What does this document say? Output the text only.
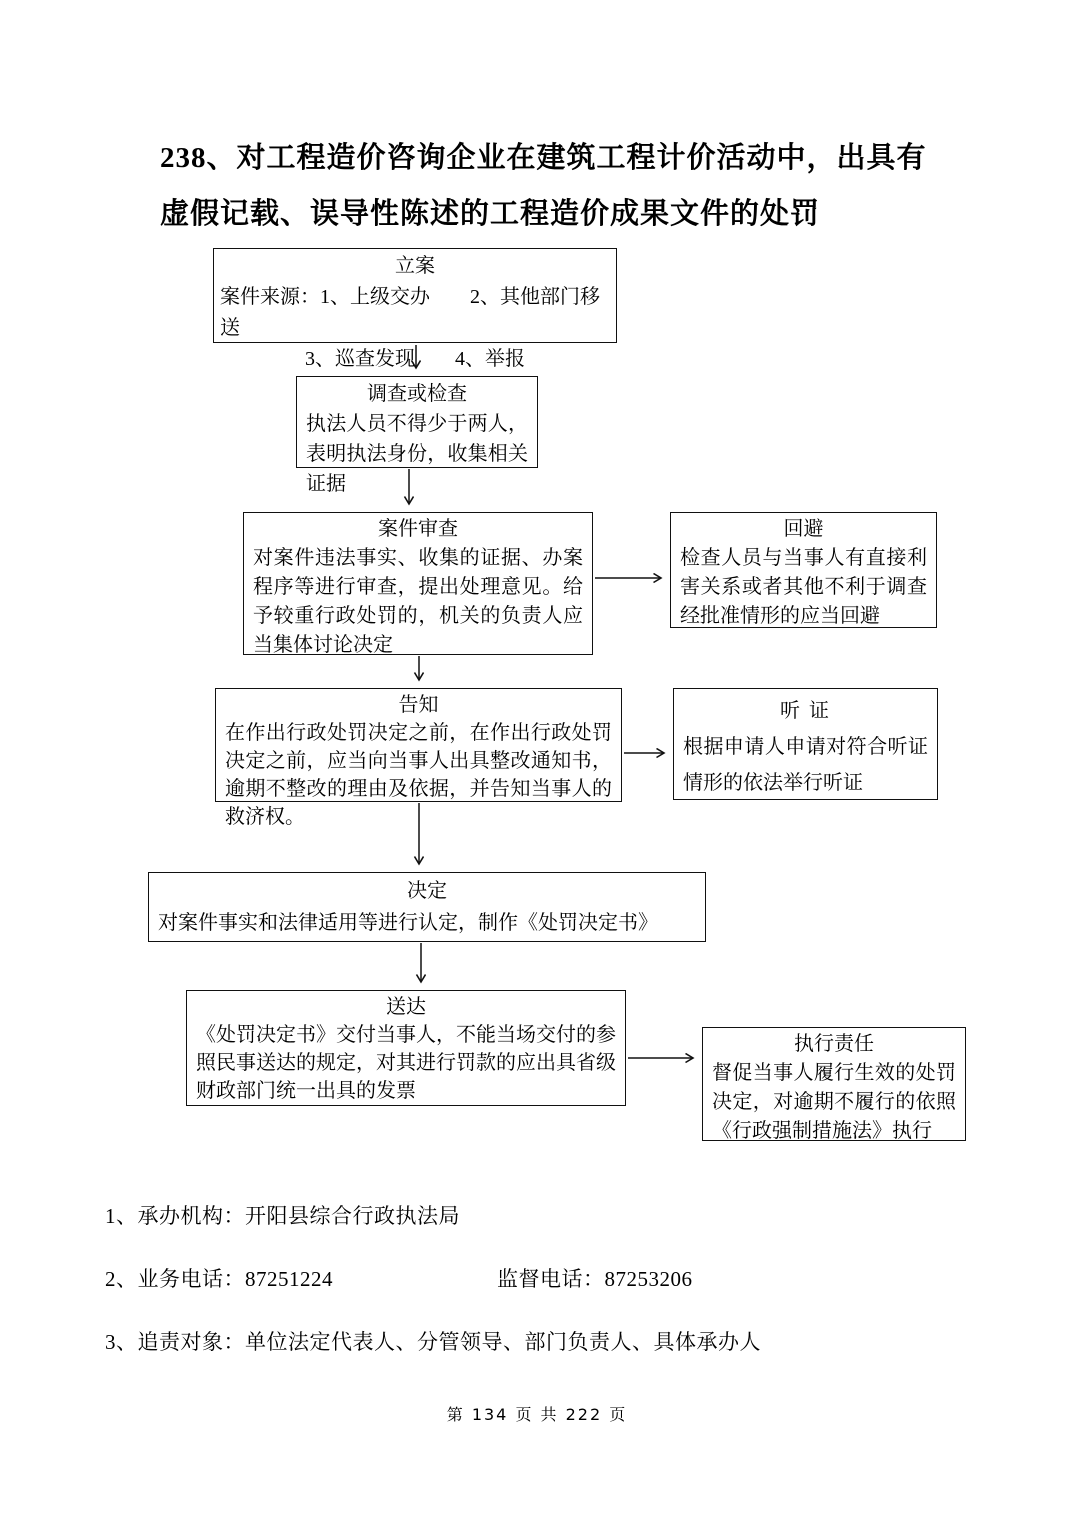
238、对工程造价咨询企业在建筑工程计价活动中，出具有
虚假记载、误导性陈述的工程造价成果文件的处罚
立案
案件来源：1、上级交办　　2、其他部门移送
3、巡查发现　　4、举报
调查或检查
执法人员不得少于两人，表明执法身份，收集相关证据
案件审查
对案件违法事实、收集的证据、办案程序等进行审查，提出处理意见。给予较重行政处罚的，机关的负责人应当集体讨论决定
回避
检查人员与当事人有直接利害关系或者其他不利于调查经批准情形的应当回避
告知
在作出行政处罚决定之前，在作出行政处罚决定之前，应当向当事人出具整改通知书，逾期不整改的理由及依据，并告知当事人的救济权。
听 证
根据申请人申请对符合听证情形的依法举行听证
决定
对案件事实和法律适用等进行认定，制作《处罚决定书》
送达
《处罚决定书》交付当事人，不能当场交付的参照民事送达的规定，对其进行罚款的应出具省级财政部门统一出具的发票
执行责任
督促当事人履行生效的处罚决定，对逾期不履行的依照《行政强制措施法》执行
1、承办机构：开阳县综合行政执法局
2、业务电话：87251224	监督电话：87253206
3、追责对象：单位法定代表人、分管领导、部门负责人、具体承办人
第 134 页 共 222 页
